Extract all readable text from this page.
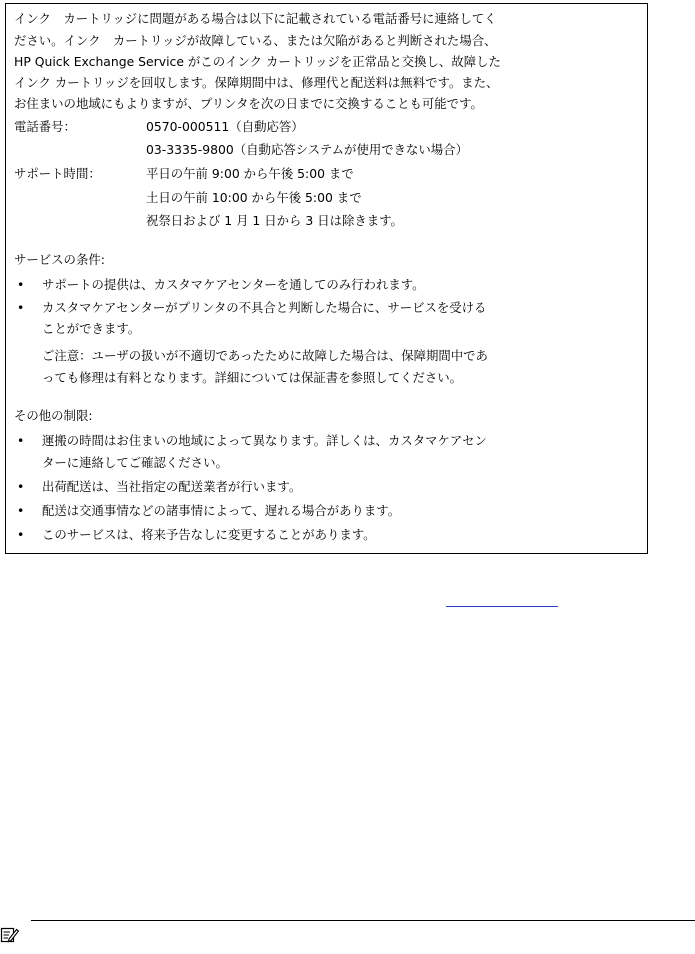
インク　カートリッジに問題がある場合は以下に記載されている電話番号に連絡してく
ださい。インク　カートリッジが故障している、または欠陥があると判断された場合、
HP Quick Exchange Service がこのインク カートリッジを正常品と交換し、故障した
インク カートリッジを回収します。保障期間中は、修理代と配送料は無料です。また、
お住まいの地域にもよりますが、プリンタを次の日までに交換することも可能です。
電話番号：	0570-000511（自動応答）
03-3335-9800（自動応答システムが使用できない場合）
サポート時間：	平日の午前 9:00 から午後 5:00 まで
土日の午前 10:00 から午後 5:00 まで
祝祭日および 1 月 1 日から 3 日は除きます。
サービスの条件:
• サポートの提供は、カスタマケアセンターを通してのみ行われます。
• カスタマケアセンターがプリンタの不具合と判断した場合に、サービスを受ける
ことができます。
ご注意：ユーザの扱いが不適切であったために故障した場合は、保障期間中であ
っても修理は有料となります。詳細については保証書を参照してください。
その他の制限:
• 運搬の時間はお住まいの地域によって異なります。詳しくは、カスタマケアセン
ターに連絡してご確認ください。
• 出荷配送は、当社指定の配送業者が行います。
• 配送は交通事情などの諸事情によって、遅れる場合があります。
• このサービスは、将来予告なしに変更することがあります。
